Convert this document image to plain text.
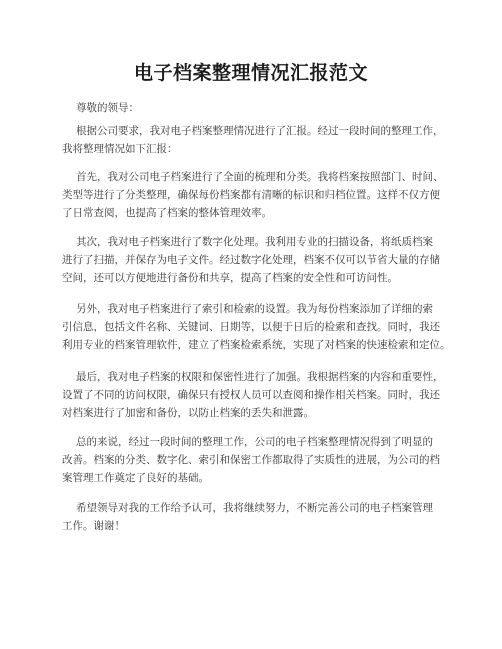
电子档案整理情况汇报范文
尊敬的领导：
根据公司要求，我对电子档案整理情况进行了汇报。经过一段时间的整理工作，
我将整理情况如下汇报：
首先，我对公司电子档案进行了全面的梳理和分类。我将档案按照部门、时间、
类型等进行了分类整理，确保每份档案都有清晰的标识和归档位置。这样不仅方便
了日常查阅，也提高了档案的整体管理效率。
其次，我对电子档案进行了数字化处理。我利用专业的扫描设备，将纸质档案
进行了扫描，并保存为电子文件。经过数字化处理，档案不仅可以节省大量的存储
空间，还可以方便地进行备份和共享，提高了档案的安全性和可访问性。
另外，我对电子档案进行了索引和检索的设置。我为每份档案添加了详细的索
引信息，包括文件名称、关键词、日期等，以便于日后的检索和查找。同时，我还
利用专业的档案管理软件，建立了档案检索系统，实现了对档案的快速检索和定位。
最后，我对电子档案的权限和保密性进行了加强。我根据档案的内容和重要性，
设置了不同的访问权限，确保只有授权人员可以查阅和操作相关档案。同时，我还
对档案进行了加密和备份，以防止档案的丢失和泄露。
总的来说，经过一段时间的整理工作，公司的电子档案整理情况得到了明显的
改善。档案的分类、数字化、索引和保密工作都取得了实质性的进展，为公司的档
案管理工作奠定了良好的基础。
希望领导对我的工作给予认可，我将继续努力，不断完善公司的电子档案管理
工作。谢谢！
